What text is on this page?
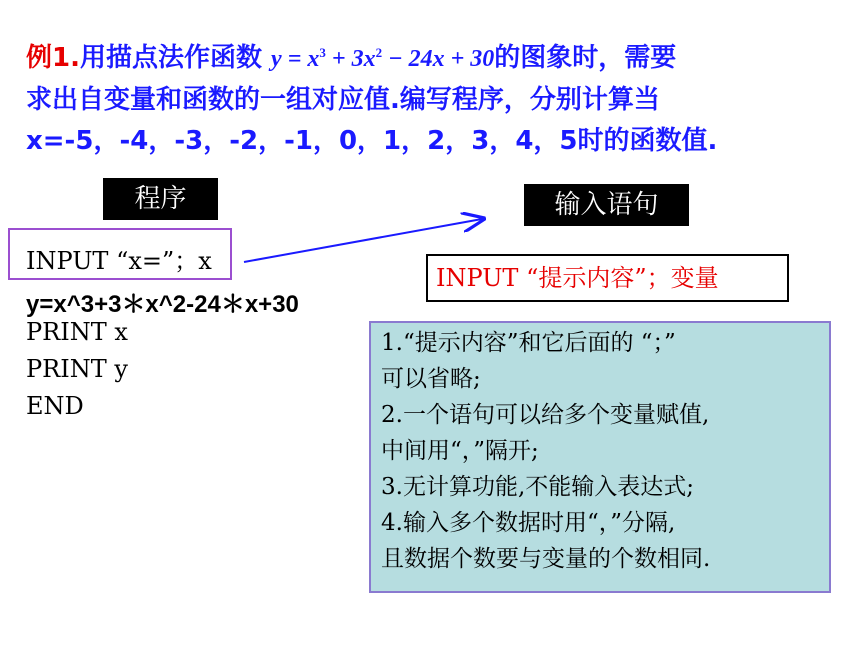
例1.用描点法作函数 $y = x^3 + 3x^2 - 24x + 30$的图象时，需要
求出自变量和函数的一组对应值.编写程序，分别计算当
x=-5，-4，-3，-2，-1，0，1，2，3，4，5时的函数值.
程序	输入语句
INPUT “x=”；x
y=x^3+3＊x^2-24＊x+30
PRINT x
PRINT y
END
INPUT “提示内容”；变量
1.“提示内容”和它后面的 “；”
可以省略;
2.一个语句可以给多个变量赋值,
中间用“，”隔开;
3.无计算功能,不能输入表达式;
4.输入多个数据时用“，”分隔,
且数据个数要与变量的个数相同.
